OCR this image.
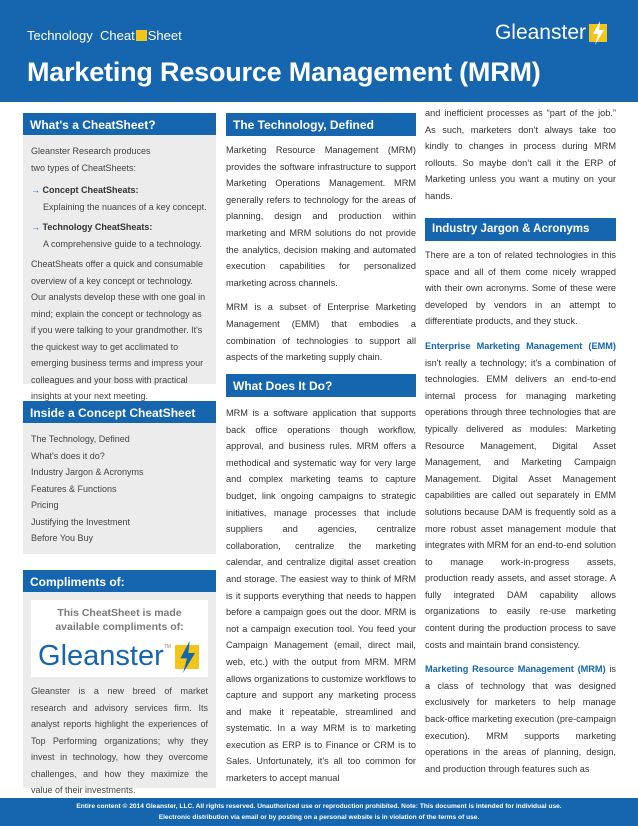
Technology Cheat Sheet
Marketing Resource Management (MRM)
Gleanster
What's a CheatSheet?

Gleanster Research produces
two types of CheatSheets:

→ Concept CheatSheats:
Explaining the nuances of a key concept.
→ Technology CheatSheats:
A comprehensive guide to a technology.

CheatSheats offer a quick and consumable overview of a key concept or technology. Our analysts develop these with one goal in mind; explain the concept or technology as if you were talking to your grandmother. It's the quickest way to get acclimated to emerging business terms and impress your colleagues and your boss with practical insights at your next meeting.

Inside a Concept CheatSheet
The Technology, Defined
What's does it do?
Industry Jargon & Acronyms
Features & Functions
Pricing
Justifying the Investment
Before You Buy
Compliments of:
This CheatSheet is made
available compliments of:
Gleanster TM
Gleanster is a new breed of market research and advisory services firm. Its analyst reports highlight the experiences of Top Performing organizations; why they invest in technology, how they overcome challenges, and how they maximize the value of their investments.
The Technology, Defined

Marketing Resource Management (MRM) provides the software infrastructure to support Marketing Operations Management. MRM generally refers to technology for the areas of planning, design and production within marketing and MRM solutions do not provide the analytics, decision making and automated execution capabilities for personalized marketing across channels.

MRM is a subset of Enterprise Marketing Management (EMM) that embodies a combination of technologies to support all aspects of the marketing supply chain.

What Does It Do?

MRM is a software application that supports back office operations though workflow, approval, and business rules. MRM offers a methodical and systematic way for very large and complex marketing teams to capture budget, link ongoing campaigns to strategic initiatives, manage processes that include suppliers and agencies, centralize collaboration, centralize the marketing calendar, and centralize digital asset creation and storage. The easiest way to think of MRM is it supports everything that needs to happen before a campaign goes out the door. MRM is not a campaign execution tool. You feed your Campaign Management (email, direct mail, web, etc.) with the output from MRM. MRM allows organizations to customize workflows to capture and support any marketing process and make it repeatable, streamlined and systematic. In a way MRM is to marketing execution as ERP is to Finance or CRM is to Sales. Unfortunately, it's all too common for marketers to accept manual

and inefficient processes as “part of the job.” As such, marketers don’t always take too kindly to changes in process during MRM rollouts. So maybe don’t call it the ERP of Marketing unless you want a mutiny on your hands.

Industry Jargon & Acronyms

There are a ton of related technologies in this space and all of them come nicely wrapped with their own acronyms. Some of these were developed by vendors in an attempt to differentiate products, and they stuck.

Enterprise Marketing Management (EMM) isn't really a technology; it's a combination of technologies. EMM delivers an end-to-end internal process for managing marketing operations through three technologies that are typically delivered as modules: Marketing Resource Management, Digital Asset Management, and Marketing Campaign Management. Digital Asset Management capabilities are called out separately in EMM solutions because DAM is frequently sold as a more robust asset management module that integrates with MRM for an end-to-end solution to manage work-in-progress assets, production ready assets, and asset storage. A fully integrated DAM capability allows organizations to easily re-use marketing content during the production process to save costs and maintain brand consistency.

Marketing Resource Management (MRM) is a class of technology that was designed exclusively for marketers to help manage back-office marketing execution (pre-campaign execution). MRM supports marketing operations in the areas of planning, design, and production through features such as

Entire content © 2014 Gleanster, LLC. All rights reserved. Unauthorized use or reproduction prohibited. Note: This document is intended for individual use.
Electronic distribution via email or by posting on a personal website is in violation of the terms of use.
